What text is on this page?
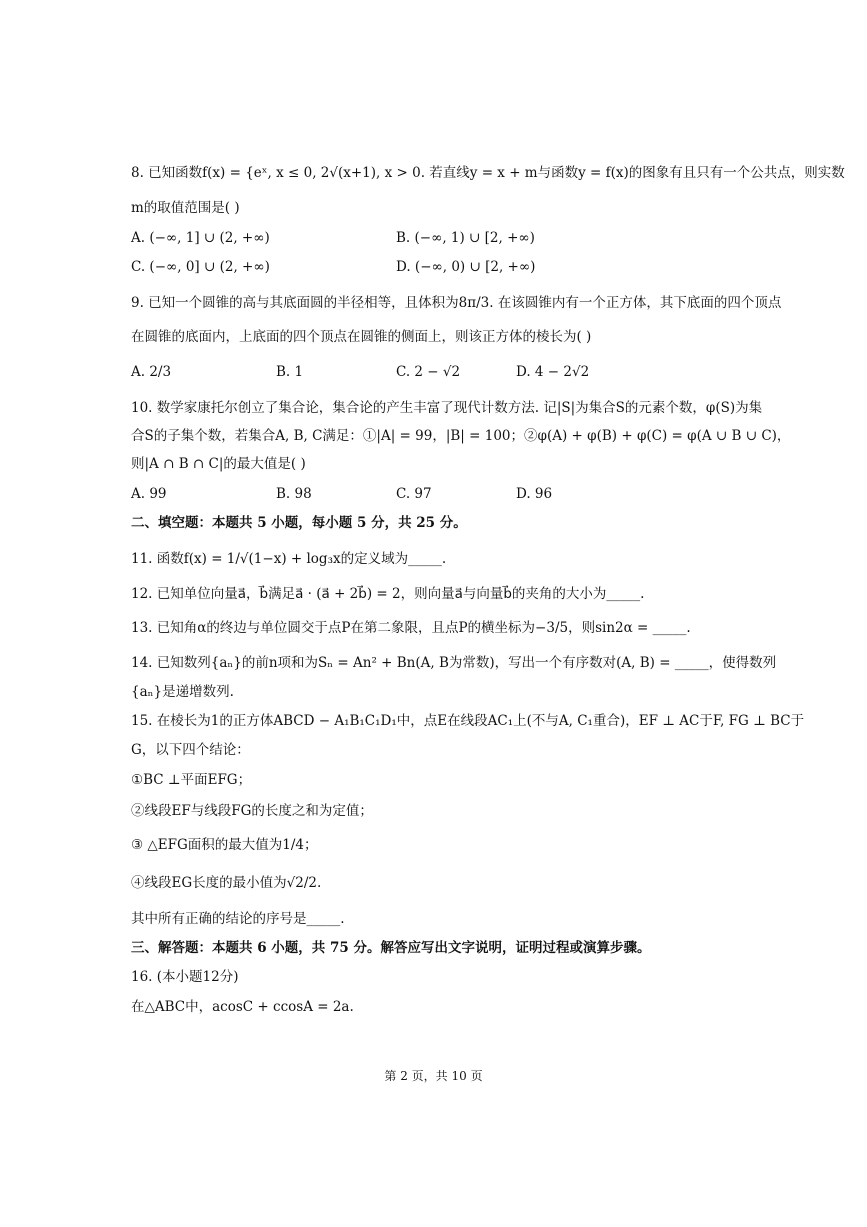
8. 已知函数f(x) = {eˣ, x ≤ 0, 2√(x+1), x > 0. 若直线y = x + m与函数y = f(x)的图象有且只有一个公共点，则实数
m的取值范围是( )
A. (−∞, 1] ∪ (2, +∞)	B. (−∞, 1) ∪ [2, +∞)
C. (−∞, 0] ∪ (2, +∞)	D. (−∞, 0) ∪ [2, +∞)
9. 已知一个圆锥的高与其底面圆的半径相等，且体积为8π/3. 在该圆锥内有一个正方体，其下底面的四个顶点
在圆锥的底面内，上底面的四个顶点在圆锥的侧面上，则该正方体的棱长为( )
A. 2/3	B. 1	C. 2 − √2	D. 4 − 2√2
10. 数学家康托尔创立了集合论，集合论的产生丰富了现代计数方法. 记|S|为集合S的元素个数，φ(S)为集
合S的子集个数，若集合A, B, C满足：①|A| = 99，|B| = 100；②φ(A) + φ(B) + φ(C) = φ(A ∪ B ∪ C)，
则|A ∩ B ∩ C|的最大值是( )
A. 99	B. 98	C. 97	D. 96
二、填空题：本题共 5 小题，每小题 5 分，共 25 分。
11. 函数f(x) = 1/√(1−x) + log₃x的定义域为_____.
12. 已知单位向量a⃗，b⃗满足a⃗ · (a⃗ + 2b⃗) = 2，则向量a⃗与向量b⃗的夹角的大小为_____.
13. 已知角α的终边与单位圆交于点P在第二象限，且点P的横坐标为−3/5，则sin2α = _____.
14. 已知数列{aₙ}的前n项和为Sₙ = An² + Bn(A, B为常数)，写出一个有序数对(A, B) = _____，使得数列
{aₙ}是递增数列.
15. 在棱长为1的正方体ABCD − A₁B₁C₁D₁中，点E在线段AC₁上(不与A, C₁重合)，EF ⊥ AC于F, FG ⊥ BC于
G，以下四个结论：
①BC ⊥平面EFG；
②线段EF与线段FG的长度之和为定值；
③ △EFG面积的最大值为1/4；
④线段EG长度的最小值为√2/2.
其中所有正确的结论的序号是_____.
三、解答题：本题共 6 小题，共 75 分。解答应写出文字说明，证明过程或演算步骤。
16. (本小题12分)
在△ABC中，acosC + ccosA = 2a.
第 2 页，共 10 页
